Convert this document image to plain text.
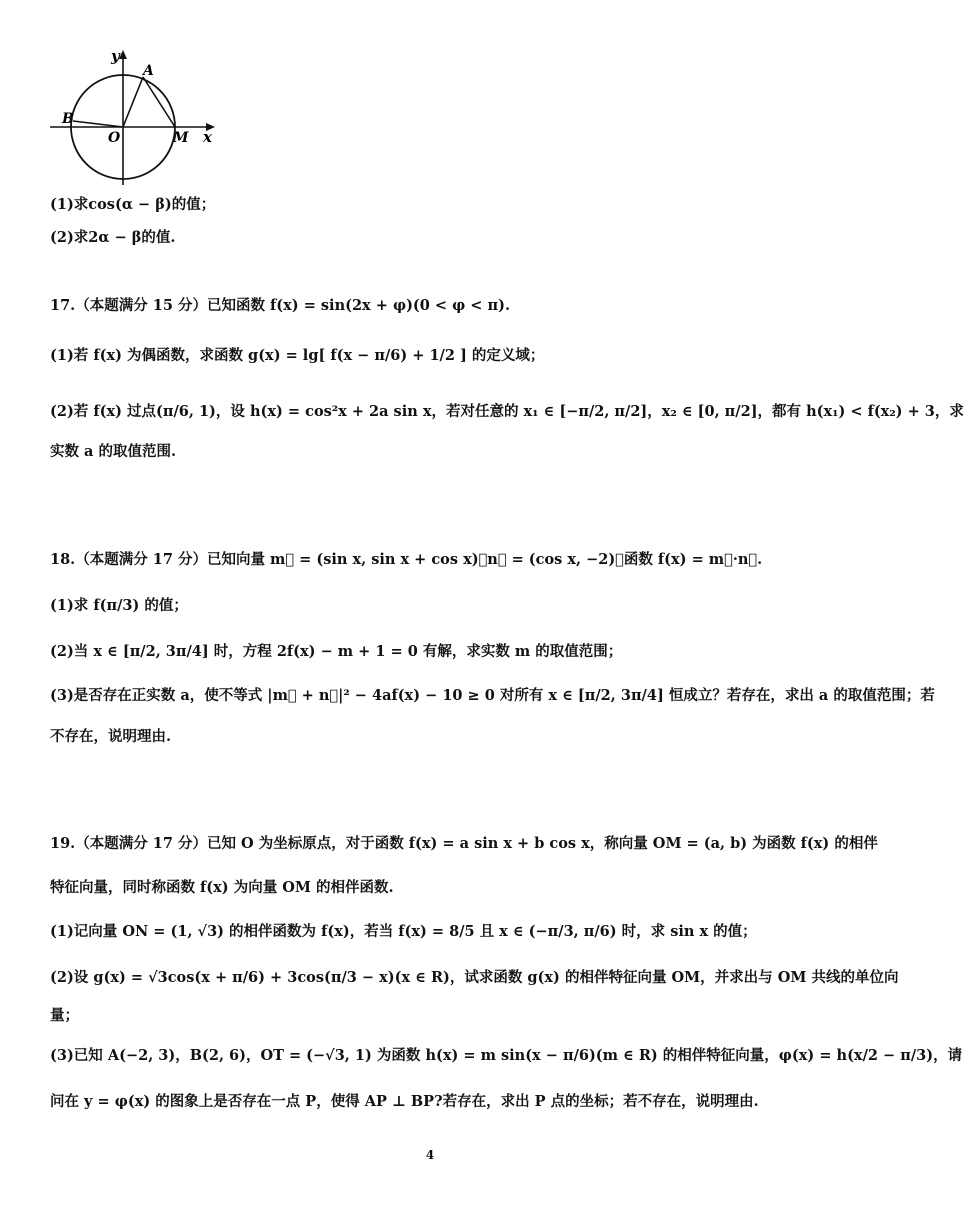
y
A
B
O	M x
(1)求cos(α − β)的值；
(2)求2α − β的值.
17.（本题满分 15 分）已知函数 f(x) = sin(2x + φ)(0 < φ < π).
(1)若 f(x) 为偶函数，求函数 g(x) = lg[ f(x − π/6) + 1/2 ] 的定义域；
(2)若 f(x) 过点(π/6, 1)，设 h(x) = cos²x + 2a sin x，若对任意的 x₁ ∈ [−π/2, π/2]，x₂ ∈ [0, π/2]，都有 h(x₁) < f(x₂) + 3，求
实数 a 的取值范围.
18.（本题满分 17 分）已知向量 m⃗ = (sin x, sin x + cos x)，n⃗ = (cos x, −2)，函数 f(x) = m⃗·n⃗.
(1)求 f(π/3) 的值；
(2)当 x ∈ [π/2, 3π/4] 时，方程 2f(x) − m + 1 = 0 有解，求实数 m 的取值范围；
(3)是否存在正实数 a，使不等式 |m⃗ + n⃗|² − 4af(x) − 10 ≥ 0 对所有 x ∈ [π/2, 3π/4] 恒成立？若存在，求出 a 的取值范围；若
不存在，说明理由.
19.（本题满分 17 分）已知 O 为坐标原点，对于函数 f(x) = a sin x + b cos x，称向量 OM = (a, b) 为函数 f(x) 的相伴
特征向量，同时称函数 f(x) 为向量 OM 的相伴函数.
(1)记向量 ON = (1, √3) 的相伴函数为 f(x)，若当 f(x) = 8/5 且 x ∈ (−π/3, π/6) 时，求 sin x 的值；
(2)设 g(x) = √3cos(x + π/6) + 3cos(π/3 − x)(x ∈ R)，试求函数 g(x) 的相伴特征向量 OM，并求出与 OM 共线的单位向
量；
(3)已知 A(−2, 3)，B(2, 6)，OT = (−√3, 1) 为函数 h(x) = m sin(x − π/6)(m ∈ R) 的相伴特征向量，φ(x) = h(x/2 − π/3)，请
问在 y = φ(x) 的图象上是否存在一点 P，使得 AP ⊥ BP?若存在，求出 P 点的坐标；若不存在，说明理由.
4
